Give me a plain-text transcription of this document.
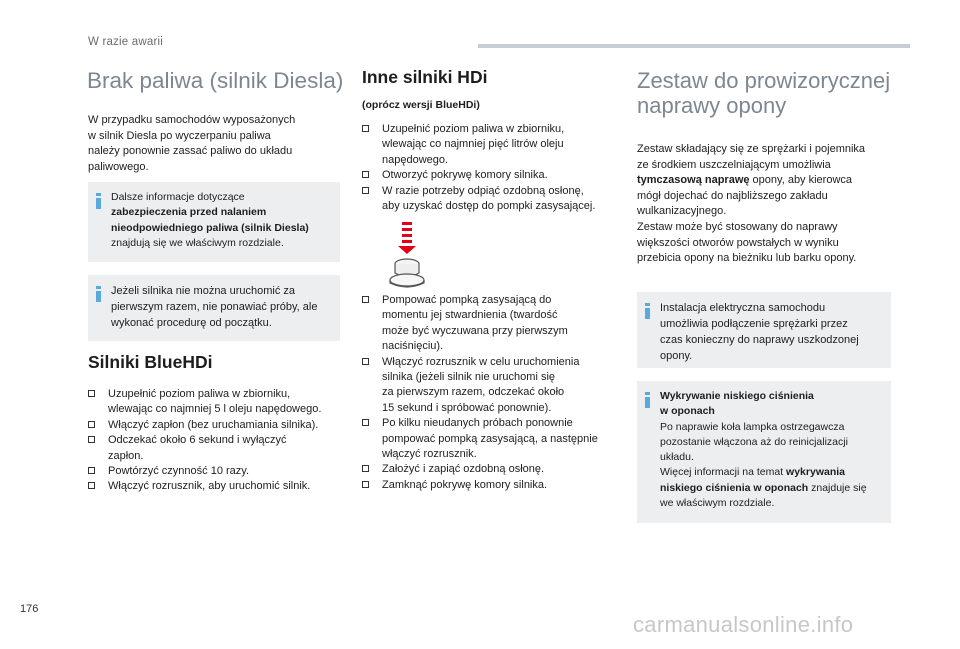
W razie awarii
Brak paliwa (silnik Diesla)
W przypadku samochodów wyposażonych
w silnik Diesla po wyczerpaniu paliwa
należy ponownie zassać paliwo do układu
paliwowego.
Dalsze informacje dotyczące
zabezpieczenia przed nalaniem
nieodpowiedniego paliwa (silnik Diesla)
znajdują się we właściwym rozdziale.
Jeżeli silnika nie można uruchomić za
pierwszym razem, nie ponawiać próby, ale
wykonać procedurę od początku.
Silniki BlueHDi
Uzupełnić poziom paliwa w zbiorniku,
wlewając co najmniej 5 l oleju napędowego.
Włączyć zapłon (bez uruchamiania silnika).
Odczekać około 6 sekund i wyłączyć
zapłon.
Powtórzyć czynność 10 razy.
Włączyć rozrusznik, aby uruchomić silnik.
Inne silniki HDi
(oprócz wersji BlueHDi)
Uzupełnić poziom paliwa w zbiorniku,
wlewając co najmniej pięć litrów oleju
napędowego.
Otworzyć pokrywę komory silnika.
W razie potrzeby odpiąć ozdobną osłonę,
aby uzyskać dostęp do pompki zasysającej.
Pompować pompką zasysającą do
momentu jej stwardnienia (twardość
może być wyczuwana przy pierwszym
naciśnięciu).
Włączyć rozrusznik w celu uruchomienia
silnika (jeżeli silnik nie uruchomi się
za pierwszym razem, odczekać około
15 sekund i spróbować ponownie).
Po kilku nieudanych próbach ponownie
pompować pompką zasysającą, a następnie
włączyć rozrusznik.
Założyć i zapiąć ozdobną osłonę.
Zamknąć pokrywę komory silnika.
Zestaw do prowizorycznej
naprawy opony
Zestaw składający się ze sprężarki i pojemnika
ze środkiem uszczelniającym umożliwia
tymczasową naprawę opony, aby kierowca
mógł dojechać do najbliższego zakładu
wulkanizacyjnego.
Zestaw może być stosowany do naprawy
większości otworów powstałych w wyniku
przebicia opony na bieżniku lub barku opony.
Instalacja elektryczna samochodu
umożliwia podłączenie sprężarki przez
czas konieczny do naprawy uszkodzonej
opony.
Wykrywanie niskiego ciśnienia
w oponach
Po naprawie koła lampka ostrzegawcza
pozostanie włączona aż do reinicjalizacji
układu.
Więcej informacji na temat wykrywania
niskiego ciśnienia w oponach znajduje się
we właściwym rozdziale.
176
carmanualsonline.info
